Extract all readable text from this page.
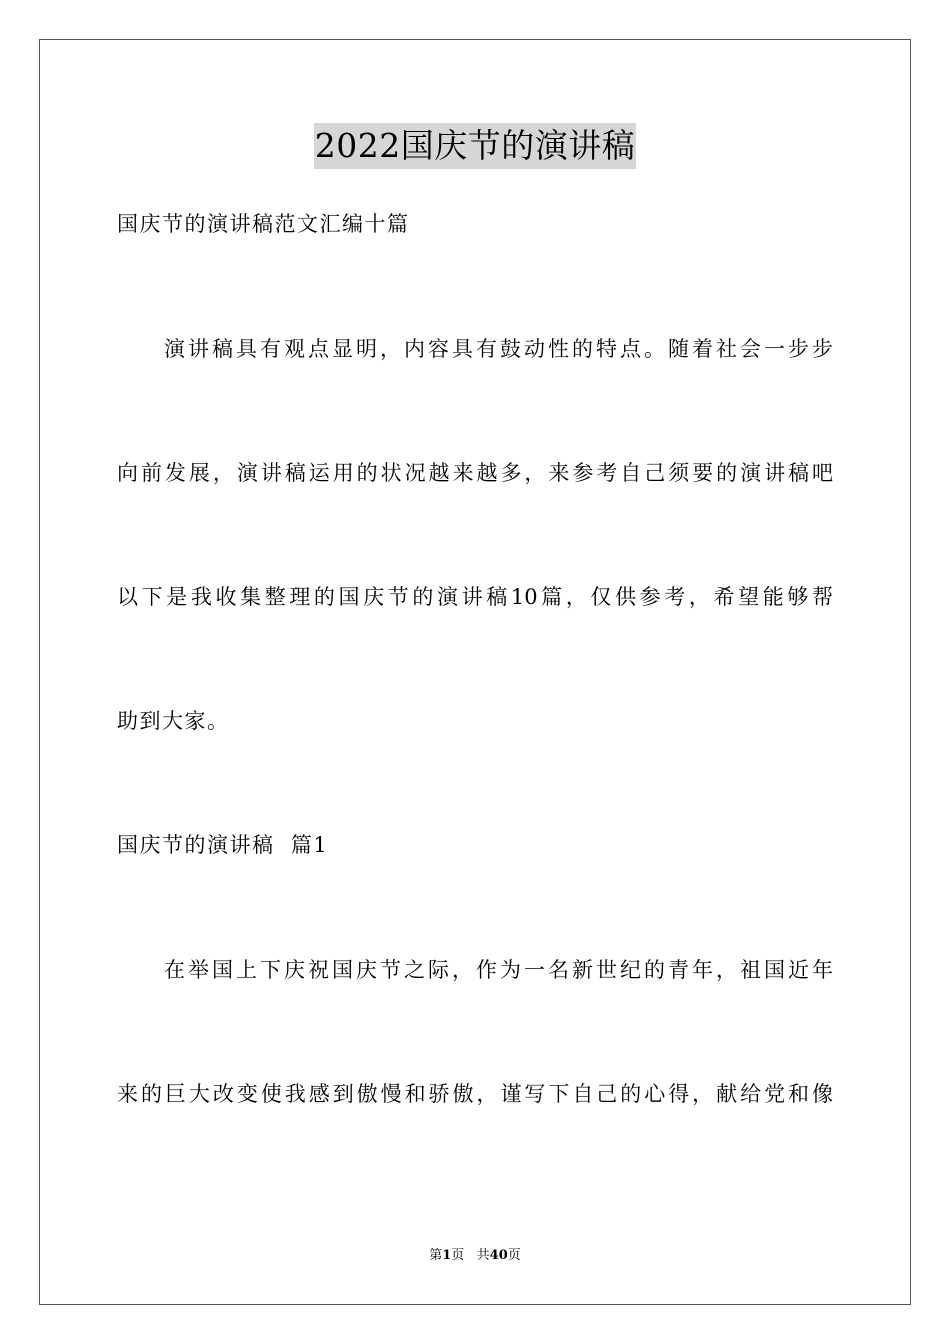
2022国庆节的演讲稿
国庆节的演讲稿范文汇编十篇
演讲稿具有观点显明，内容具有鼓动性的特点。随着社会一步步
向前发展，演讲稿运用的状况越来越多，来参考自己须要的演讲稿吧
以下是我收集整理的国庆节的演讲稿10篇，仅供参考，希望能够帮
助到大家。
国庆节的演讲稿  篇1
在举国上下庆祝国庆节之际，作为一名新世纪的青年，祖国近年
来的巨大改变使我感到傲慢和骄傲，谨写下自己的心得，献给党和像
第1页   共40页
